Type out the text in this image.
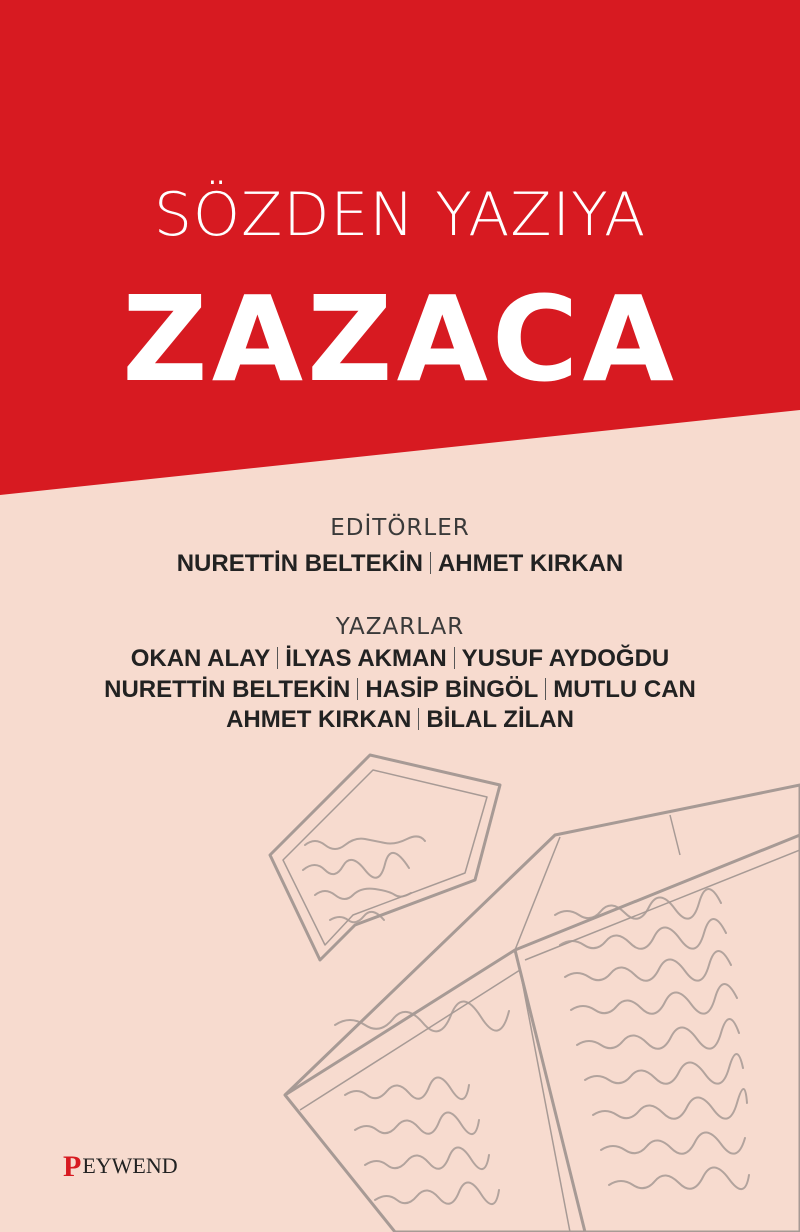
SÖZDEN YAZIYA
ZAZACA
EDİTÖRLER
NURETTİN BELTEKİN AHMET KIRKAN
YAZARLAR
OKAN ALAY İLYAS AKMAN YUSUF AYDOĞDU
NURETTİN BELTEKİN HASİP BİNGÖL MUTLU CAN
AHMET KIRKAN BİLAL ZİLAN
PEYWEND
